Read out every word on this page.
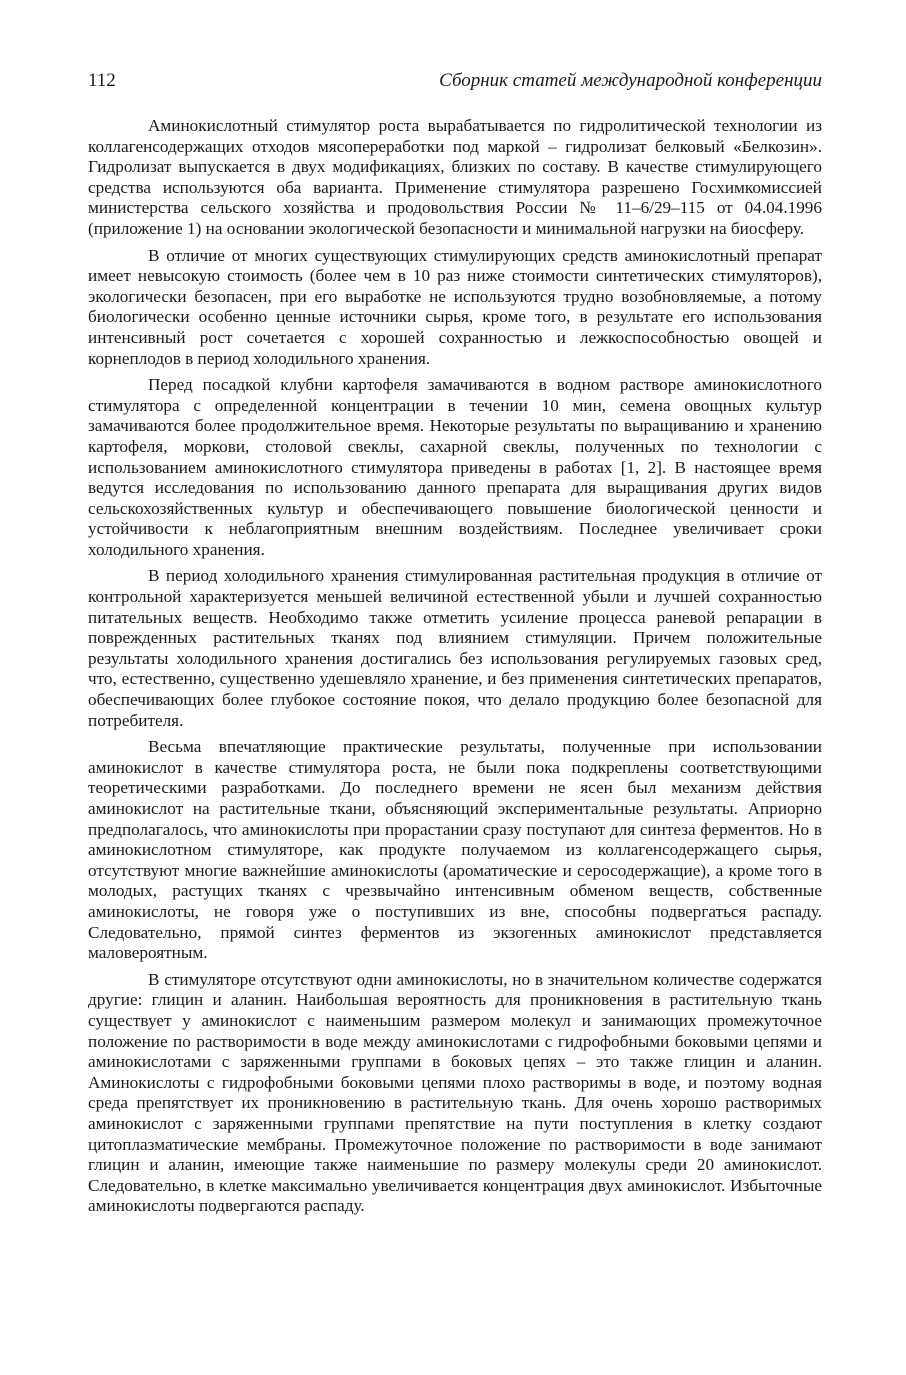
112	Сборник статей международной конференции

Аминокислотный стимулятор роста вырабатывается по гидролитической технологии из коллагенсодержащих отходов мясопереработки под маркой – гидролизат белковый «Белкозин». Гидролизат выпускается в двух модификациях, близких по составу. В качестве стимулирующего средства используются оба варианта. Применение стимулятора разрешено Госхимкомиссией министерства сельского хозяйства и продовольствия России № 11–6/29–115 от 04.04.1996 (приложение 1) на основании экологической безопасности и минимальной нагрузки на биосферу.

В отличие от многих существующих стимулирующих средств аминокислотный препарат имеет невысокую стоимость (более чем в 10 раз ниже стоимости синтетических стимуляторов), экологически безопасен, при его выработке не используются трудно возобновляемые, а потому биологически особенно ценные источники сырья, кроме того, в результате его использования интенсивный рост сочетается с хорошей сохранностью и лежкоспособностью овощей и корнеплодов в период холодильного хранения.

Перед посадкой клубни картофеля замачиваются в водном растворе аминокислотного стимулятора с определенной концентрации в течении 10 мин, семена овощных культур замачиваются более продолжительное время. Некоторые результаты по выращиванию и хранению картофеля, моркови, столовой свеклы, сахарной свеклы, полученных по технологии с использованием аминокислотного стимулятора приведены в работах [1, 2]. В настоящее время ведутся исследования по использованию данного препарата для выращивания других видов сельскохозяйственных культур и обеспечивающего повышение биологической ценности и устойчивости к неблагоприятным внешним воздействиям. Последнее увеличивает сроки холодильного хранения.

В период холодильного хранения стимулированная растительная продукция в отличие от контрольной характеризуется меньшей величиной естественной убыли и лучшей сохранностью питательных веществ. Необходимо также отметить усиление процесса раневой репарации в поврежденных растительных тканях под влиянием стимуляции. Причем положительные результаты холодильного хранения достигались без использования регулируемых газовых сред, что, естественно, существенно удешевляло хранение, и без применения синтетических препаратов, обеспечивающих более глубокое состояние покоя, что делало продукцию более безопасной для потребителя.

Весьма впечатляющие практические результаты, полученные при использовании аминокислот в качестве стимулятора роста, не были пока подкреплены соответствующими теоретическими разработками. До последнего времени не ясен был механизм действия аминокислот на растительные ткани, объясняющий экспериментальные результаты. Априорно предполагалось, что аминокислоты при прорастании сразу поступают для синтеза ферментов. Но в аминокислотном стимуляторе, как продукте получаемом из коллагенсодержащего сырья, отсутствуют многие важнейшие аминокислоты (ароматические и серосодержащие), а кроме того в молодых, растущих тканях с чрезвычайно интенсивным обменом веществ, собственные аминокислоты, не говоря уже о поступивших из вне, способны подвергаться распаду. Следовательно, прямой синтез ферментов из экзогенных аминокислот представляется маловероятным.

В стимуляторе отсутствуют одни аминокислоты, но в значительном количестве содержатся другие: глицин и аланин. Наибольшая вероятность для проникновения в растительную ткань существует у аминокислот с наименьшим размером молекул и занимающих промежуточное положение по растворимости в воде между аминокислотами с гидрофобными боковыми цепями и аминокислотами с заряженными группами в боковых цепях – это также глицин и аланин. Аминокислоты с гидрофобными боковыми цепями плохо растворимы в воде, и поэтому водная среда препятствует их проникновению в растительную ткань. Для очень хорошо растворимых аминокислот с заряженными группами препятствие на пути поступления в клетку создают цитоплазматические мембраны. Промежуточное положение по растворимости в воде занимают глицин и аланин, имеющие также наименьшие по размеру молекулы среди 20 аминокислот. Следовательно, в клетке максимально увеличивается концентрация двух аминокислот. Избыточные аминокислоты подвергаются распаду.
